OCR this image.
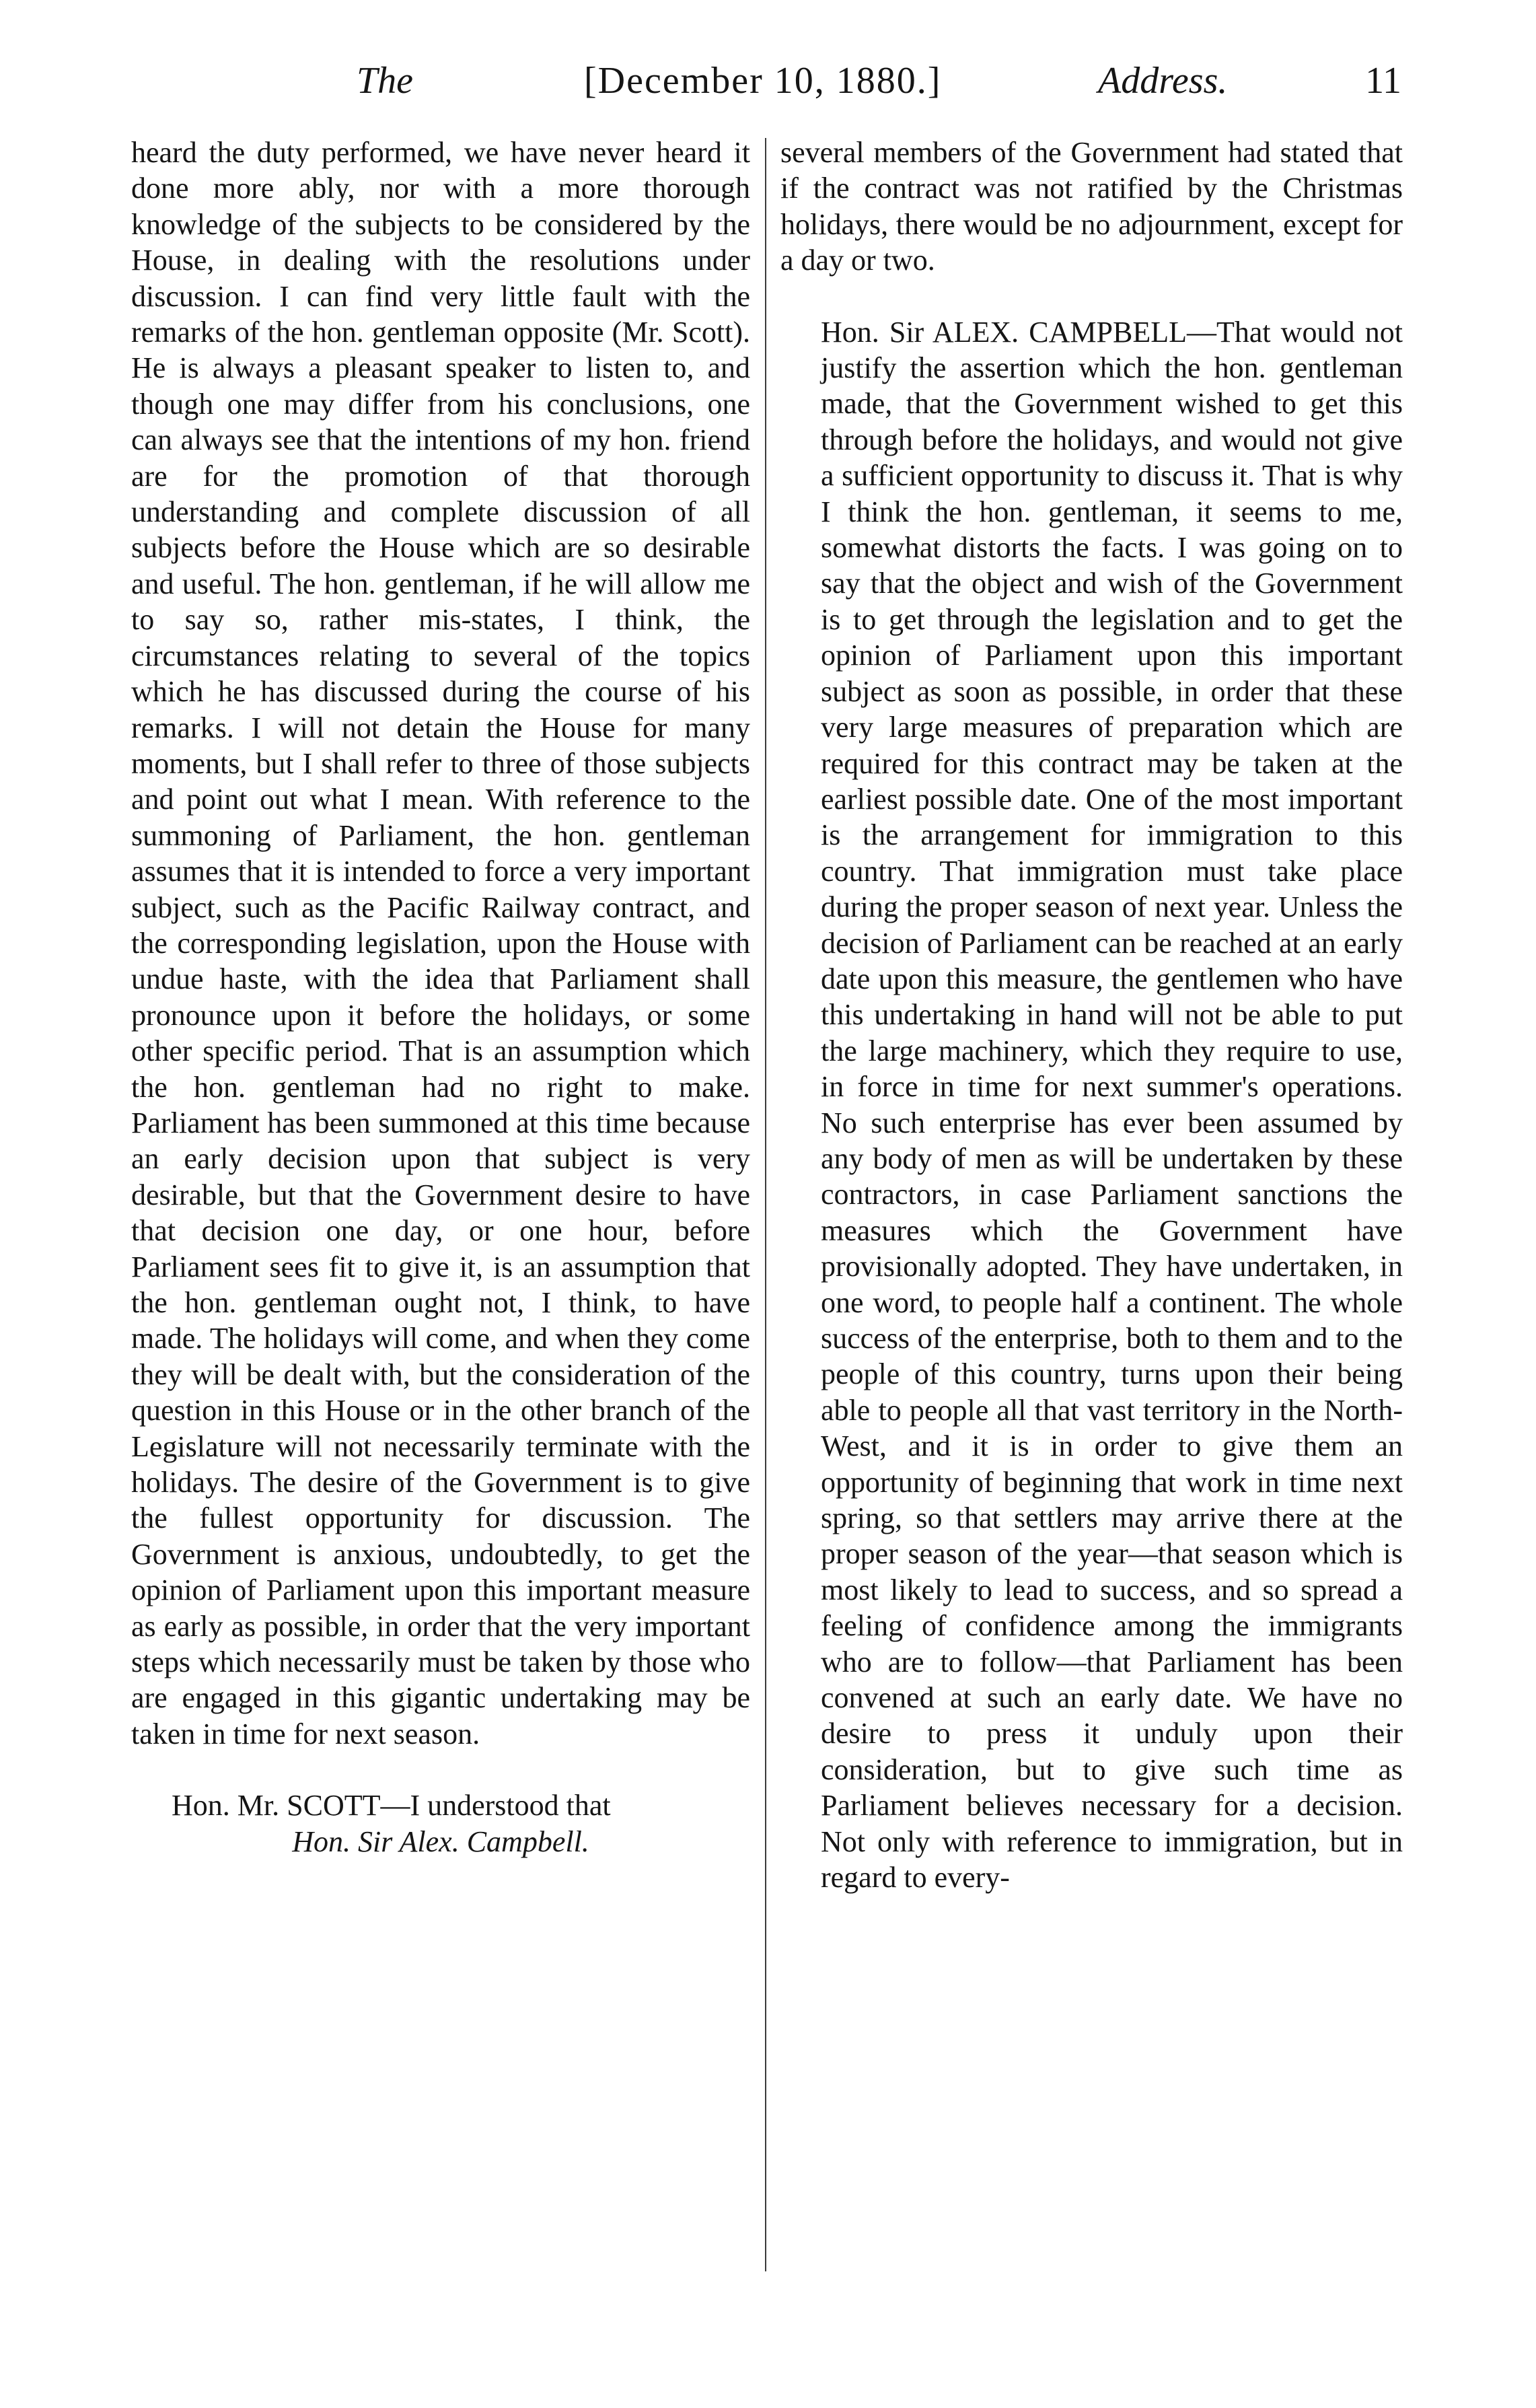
The	[December 10, 1880.]	Address.	11

heard the duty performed, we have never heard it done more ably, nor with a more thorough knowledge of the subjects to be considered by the House, in dealing with the resolutions under discussion. I can find very little fault with the remarks of the hon. gentleman opposite (Mr. Scott). He is always a pleasant speaker to listen to, and though one may differ from his conclusions, one can always see that the intentions of my hon. friend are for the promotion of that thorough understanding and complete discussion of all subjects before the House which are so desirable and useful. The hon. gentleman, if he will allow me to say so, rather mis-states, I think, the circumstances relating to several of the topics which he has discussed during the course of his remarks. I will not detain the House for many moments, but I shall refer to three of those subjects and point out what I mean. With reference to the summoning of Parliament, the hon. gentleman assumes that it is intended to force a very important subject, such as the Pacific Railway contract, and the corresponding legislation, upon the House with undue haste, with the idea that Parliament shall pronounce upon it before the holidays, or some other specific period. That is an assumption which the hon. gentleman had no right to make. Parliament has been summoned at this time because an early decision upon that subject is very desirable, but that the Government desire to have that decision one day, or one hour, before Parliament sees fit to give it, is an assumption that the hon. gentleman ought not, I think, to have made. The holidays will come, and when they come they will be dealt with, but the consideration of the question in this House or in the other branch of the Legislature will not necessarily terminate with the holidays. The desire of the Government is to give the fullest opportunity for discussion. The Government is anxious, undoubtedly, to get the opinion of Parliament upon this important measure as early as possible, in order that the very important steps which necessarily must be taken by those who are engaged in this gigantic undertaking may be taken in time for next season.

Hon. Mr. SCOTT—I understood that

Hon. Sir Alex. Campbell.

several members of the Government had stated that if the contract was not ratified by the Christmas holidays, there would be no adjournment, except for a day or two.

Hon. Sir ALEX. CAMPBELL—That would not justify the assertion which the hon. gentleman made, that the Government wished to get this through before the holidays, and would not give a sufficient opportunity to discuss it. That is why I think the hon. gentleman, it seems to me, somewhat distorts the facts. I was going on to say that the object and wish of the Government is to get through the legislation and to get the opinion of Parliament upon this important subject as soon as possible, in order that these very large measures of preparation which are required for this contract may be taken at the earliest possible date. One of the most important is the arrangement for immigration to this country. That immigration must take place during the proper season of next year. Unless the decision of Parliament can be reached at an early date upon this measure, the gentlemen who have this undertaking in hand will not be able to put the large machinery, which they require to use, in force in time for next summer's operations. No such enterprise has ever been assumed by any body of men as will be undertaken by these contractors, in case Parliament sanctions the measures which the Government have provisionally adopted. They have undertaken, in one word, to people half a continent. The whole success of the enterprise, both to them and to the people of this country, turns upon their being able to people all that vast territory in the North-West, and it is in order to give them an opportunity of beginning that work in time next spring, so that settlers may arrive there at the proper season of the year—that season which is most likely to lead to success, and so spread a feeling of confidence among the immigrants who are to follow—that Parliament has been convened at such an early date. We have no desire to press it unduly upon their consideration, but to give such time as Parliament believes necessary for a decision. Not only with reference to immigration, but in regard to every-
